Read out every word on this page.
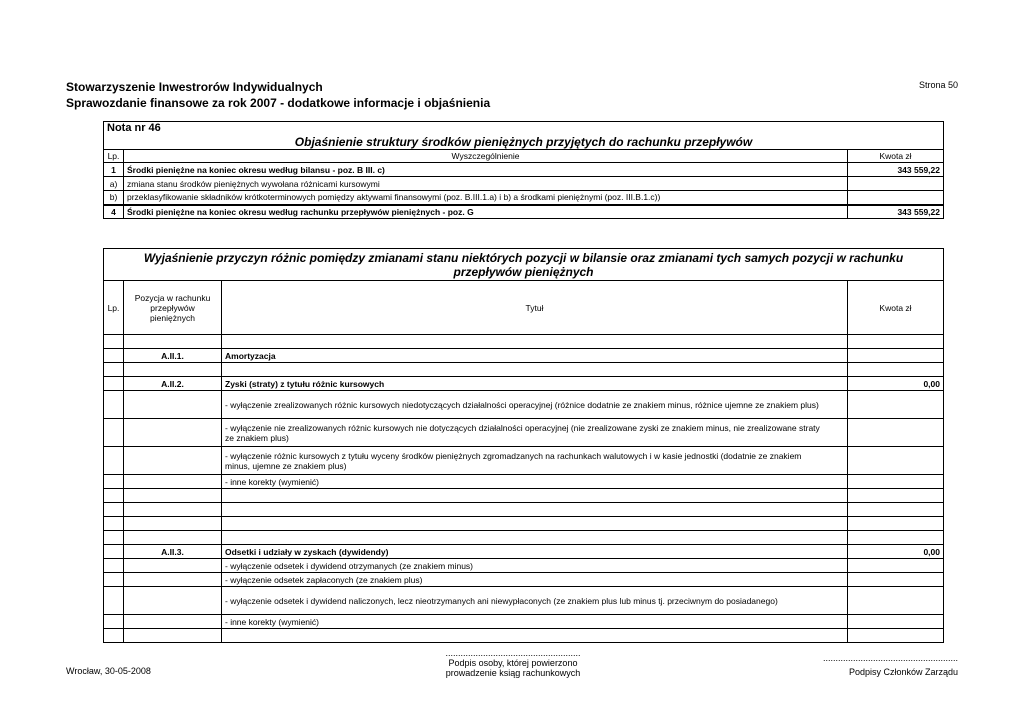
Stowarzyszenie Inwestrorów Indywidualnych
Sprawozdanie finansowe za rok 2007 - dodatkowe informacje i objaśnienia
Strona 50
Nota nr 46		
Objaśnienie struktury środków pieniężnych przyjętych do rachunku przepływów		
Lp.	Wyszczególnienie	Kwota zł
1	Środki pieniężne na koniec okresu według bilansu - poz. B III. c)	343 559,22
a)	zmiana stanu środków pieniężnych wywołana różnicami kursowymi	
b)	przeklasyfikowanie składników krótkoterminowych pomiędzy aktywami finansowymi (poz. B.III.1.a) i b) a środkami pieniężnymi (poz. III.B.1.c))	
4	Środki pieniężne na koniec okresu według rachunku przepływów pieniężnych - poz. G	343 559,22
Wyjaśnienie przyczyn różnic pomiędzy zmianami stanu niektórych pozycji w bilansie oraz zmianami tych samych pozycji w rachunku przepływów pieniężnych			
Lp.	Pozycja w rachunku przepływów pieniężnych	Tytuł	Kwota zł

	A.II.1.	Amortyzacja	

	A.II.2.	Zyski (straty) z tytułu różnic kursowych	0,00
		- wyłączenie zrealizowanych różnic kursowych niedotyczących działalności operacyjnej (różnice dodatnie ze znakiem minus, różnice ujemne ze znakiem plus)	
		- wyłączenie nie zrealizowanych różnic kursowych nie dotyczących działalności operacyjnej (nie zrealizowane zyski ze znakiem minus, nie zrealizowane straty ze znakiem plus)	
		- wyłączenie różnic kursowych z tytułu wyceny środków pieniężnych zgromadzanych na rachunkach walutowych i w kasie jednostki (dodatnie ze znakiem minus, ujemne ze znakiem plus)	
		- inne korekty (wymienić)	

	A.II.3.	Odsetki i udziały w zyskach (dywidendy)	0,00
		- wyłączenie odsetek i dywidend otrzymanych (ze znakiem minus)	
		- wyłączenie odsetek zapłaconych (ze znakiem plus)	
		- wyłączenie odsetek i dywidend naliczonych, lecz nieotrzymanych ani niewypłaconych (ze znakiem plus lub minus tj. przeciwnym do posiadanego)	
		- inne korekty (wymienić)	

Wrocław, 30-05-2008
......................................................
Podpis osoby, której powierzono
prowadzenie ksiąg rachunkowych
......................................................
Podpisy Członków Zarządu
